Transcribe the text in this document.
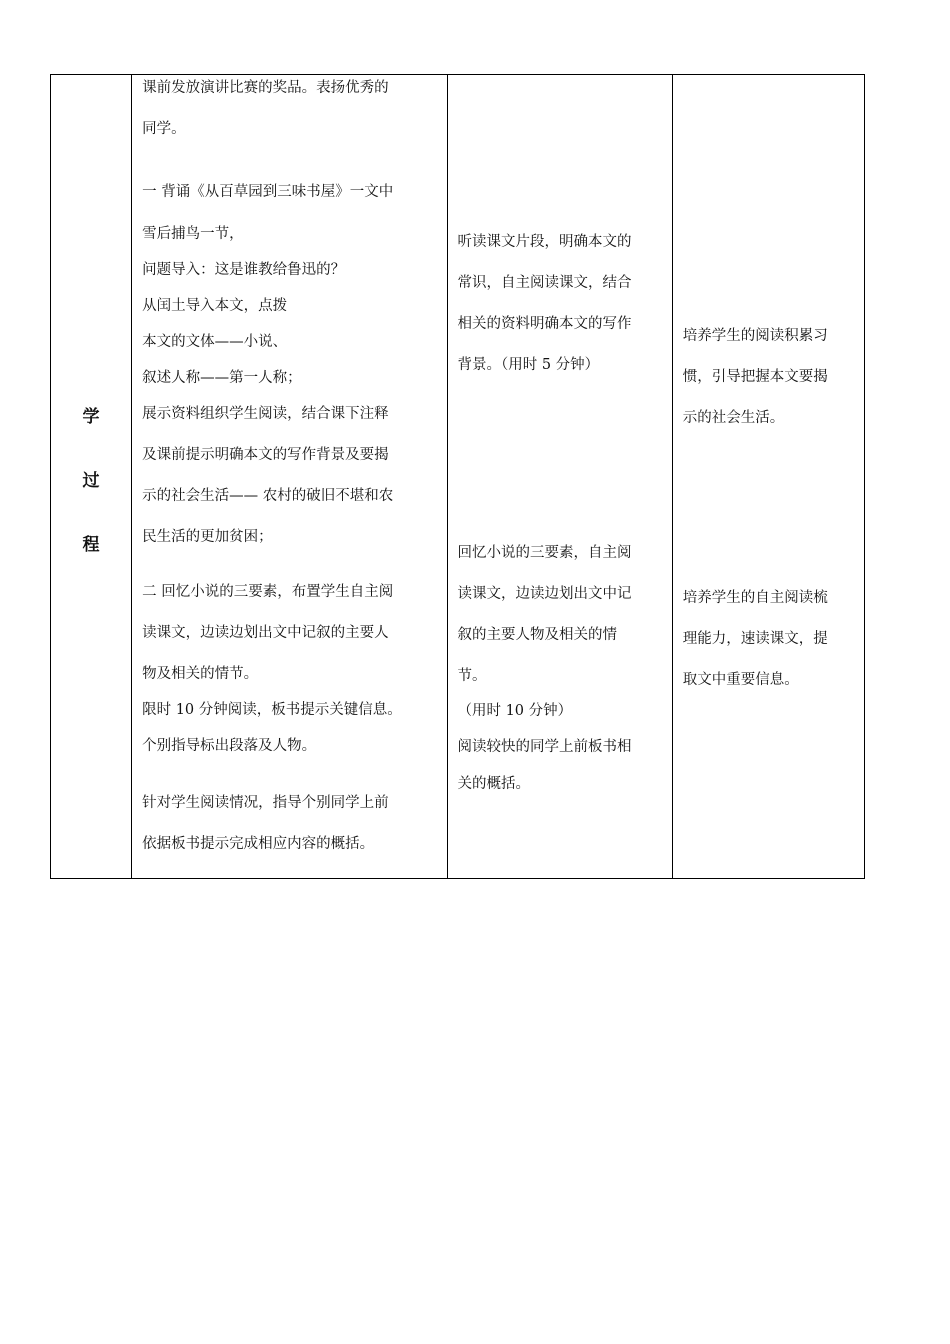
学
过
程

课前发放演讲比赛的奖品。表扬优秀的
同学。
一 背诵《从百草园到三味书屋》一文中
雪后捕鸟一节，
问题导入：这是谁教给鲁迅的？
从闰土导入本文，点拨
本文的文体——小说、
叙述人称——第一人称；
展示资料组织学生阅读，结合课下注释
及课前提示明确本文的写作背景及要揭
示的社会生活—— 农村的破旧不堪和农
民生活的更加贫困；
二 回忆小说的三要素，布置学生自主阅
读课文，边读边划出文中记叙的主要人
物及相关的情节。
限时 10 分钟阅读，板书提示关键信息。
个别指导标出段落及人物。
针对学生阅读情况，指导个别同学上前
依据板书提示完成相应内容的概括。

听读课文片段，明确本文的
常识，自主阅读课文，结合
相关的资料明确本文的写作
背景。（用时 5 分钟）
回忆小说的三要素，自主阅
读课文，边读边划出文中记
叙的主要人物及相关的情
节。
（用时 10 分钟）
阅读较快的同学上前板书相
关的概括。

培养学生的阅读积累习
惯，引导把握本文要揭
示的社会生活。
培养学生的自主阅读梳
理能力，速读课文，提
取文中重要信息。
